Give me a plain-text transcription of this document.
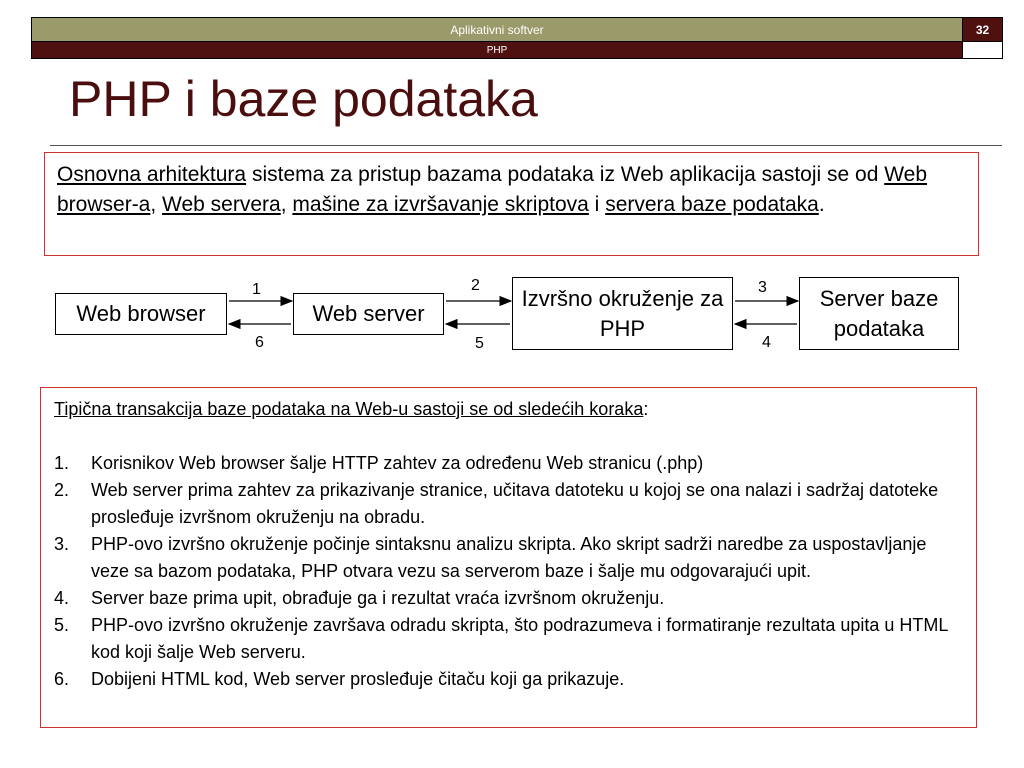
Aplikativni softver	32
PHP
PHP i baze podataka
Osnovna arhitektura sistema za pristup bazama podataka iz Web aplikacija sastoji se od Web browser-a, Web servera, mašine za izvršavanje skriptova i servera baze podataka.
Web browser	Web server
Izvršno okruženje za PHP
Server baze podataka
1
6
2
5
3
4
Tipična transakcija baze podataka na Web-u sastoji se od sledećih koraka:
1.	Korisnikov Web browser šalje HTTP zahtev za određenu Web stranicu (.php)
2.	Web server prima zahtev za prikazivanje stranice, učitava datoteku u kojoj se ona nalazi i sadržaj datoteke prosleđuje izvršnom okruženju na obradu.
3.	PHP-ovo izvršno okruženje počinje sintaksnu analizu skripta. Ako skript sadrži naredbe za uspostavljanje veze sa bazom podataka, PHP otvara vezu sa serverom baze i šalje mu odgovarajući upit.
4.	Server baze prima upit, obrađuje ga i rezultat vraća izvršnom okruženju.
5.	PHP-ovo izvršno okruženje završava odradu skripta, što podrazumeva i formatiranje rezultata upita u HTML kod koji šalje Web serveru.
6.	Dobijeni HTML kod, Web server prosleđuje čitaču koji ga prikazuje.
